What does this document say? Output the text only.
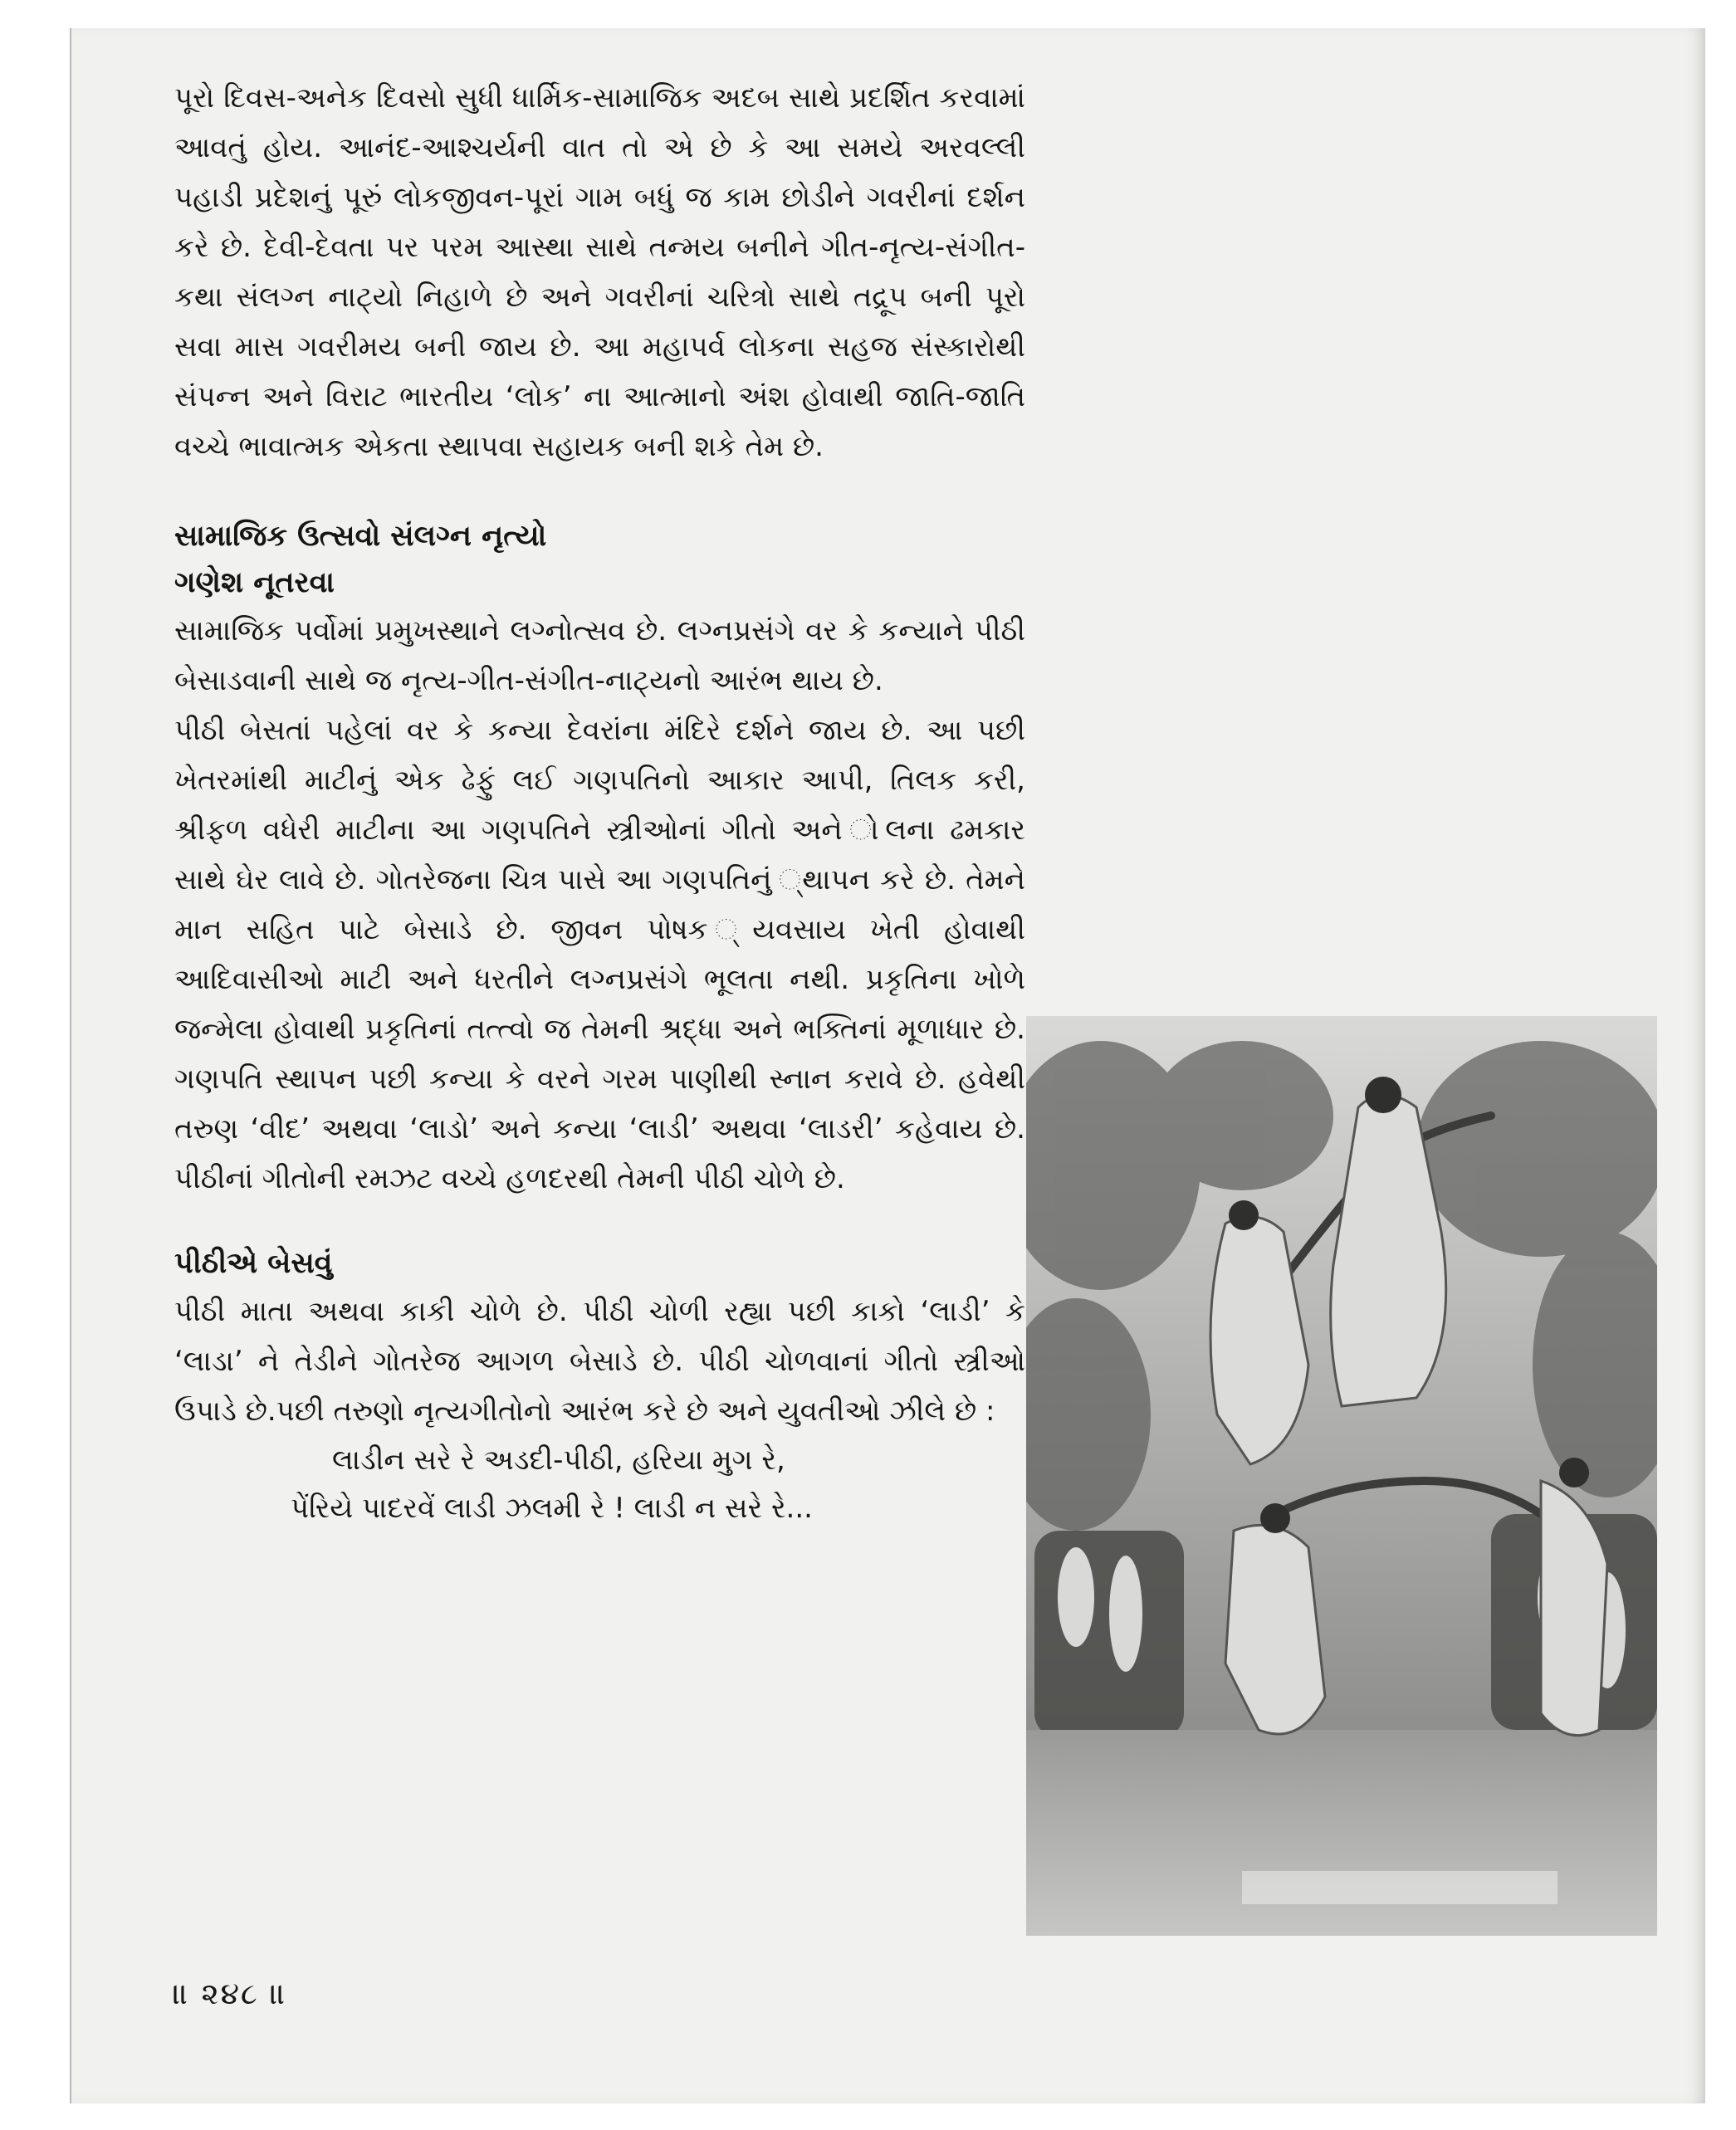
પૂરો દિવસ-અનેક દિવસો સુધી ધાર્મિક-સામાજિક અદબ સાથે પ્રદર્શિત કરવામાં આવતું હોય. આનંદ-આશ્ચર્યની વાત તો એ છે કે આ સમયે અરવલ્લી પહાડી પ્રદેશનું પૂરું લોકજીવન-પૂરાં ગામ બધું જ કામ છોડીને ગવરીનાં દર્શન કરે છે. દેવી-દેવતા પર પરમ આસ્થા સાથે તન્મય બનીને ગીત-નૃત્ય-સંગીત-કથા સંલગ્ન નાટ્યો નિહાળે છે અને ગવરીનાં ચરિત્રો સાથે તદ્રૂપ બની પૂરો સવા માસ ગવરીમય બની જાય છે. આ મહાપર્વ લોકના સહજ સંસ્કારોથી સંપન્ન અને વિરાટ ભારતીય ‘લોક’ ના આત્માનો અંશ હોવાથી જાતિ-જાતિ વચ્ચે ભાવાત્મક એકતા સ્થાપવા સહાયક બની શકે તેમ છે.

સામાજિક ઉત્સવો સંલગ્ન નૃત્યો
ગણેશ નૂતરવા

સામાજિક પર્વોમાં પ્રમુખસ્થાને લગ્નોત્સવ છે. લગ્નપ્રસંગે વર કે કન્યાને પીઠી બેસાડવાની સાથે જ નૃત્ય-ગીત-સંગીત-નાટ્યનો આરંભ થાય છે.

પીઠી બેસતાં પહેલાં વર કે કન્યા દેવરાંના મંદિરે દર્શને જાય છે. આ પછી ખેતરમાંથી માટીનું એક ઢેફું લઈ ગણપતિનો આકાર આપી, તિલક કરી, શ્રીફળ વધેરી માટીના આ ગણપતિને સ્ત્રીઓનાં ગીતો અને ોલના ઢમકાર સાથે ઘેર લાવે છે. ગોતરેજના ચિત્ર પાસે આ ગણપતિનું ્થાપન કરે છે. તેમને માન સહિત પાટે બેસાડે છે. જીવન પોષક ્યવસાય ખેતી હોવાથી આદિવાસીઓ માટી અને ધરતીને લગ્નપ્રસંગે ભૂલતા નથી. પ્રકૃતિના ખોળે જન્મેલા હોવાથી પ્રકૃતિનાં તત્ત્વો જ તેમની શ્રદ્ધા અને ભક્તિનાં મૂળાધાર છે. ગણપતિ સ્થાપન પછી કન્યા કે વરને ગરમ પાણીથી સ્નાન કરાવે છે. હવેથી તરુણ ‘વીદ’ અથવા ‘લાડો’ અને કન્યા ‘લાડી’ અથવા ‘લાડરી’ કહેવાય છે. પીઠીનાં ગીતોની રમઝટ વચ્ચે હળદરથી તેમની પીઠી ચોળે છે.

પીઠીએ બેસવું

પીઠી માતા અથવા કાકી ચોળે છે. પીઠી ચોળી રહ્યા પછી કાકો ‘લાડી’ કે ‘લાડા’ ને તેડીને ગોતરેજ આગળ બેસાડે છે. પીઠી ચોળવાનાં ગીતો સ્ત્રીઓ ઉપાડે છે.પછી તરુણો નૃત્યગીતોનો આરંભ કરે છે અને યુવતીઓ ઝીલે છે :

લાડીન સરે રે અડદી-પીઠી, હરિયા મુગ રે,
પેંરિયે પાદરવેં લાડી ઝલમી રે ! લાડી ન સરે રે...

॥ ૨૪૮ ॥
